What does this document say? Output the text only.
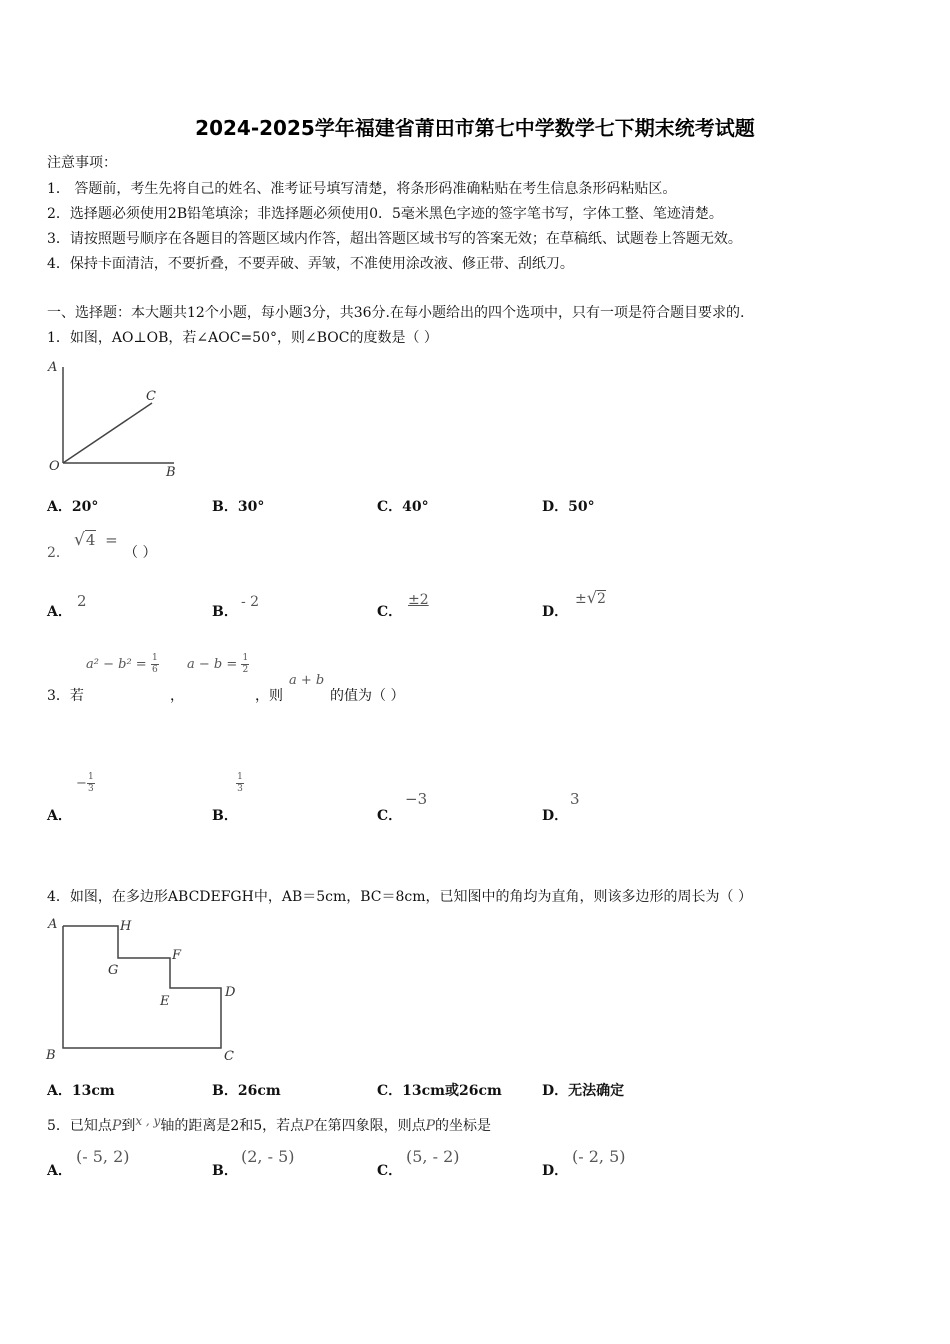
2024-2025学年福建省莆田市第七中学数学七下期末统考试题
注意事项：
1． 答题前，考生先将自己的姓名、准考证号填写清楚，将条形码准确粘贴在考生信息条形码粘贴区。
2．选择题必须使用2B铅笔填涂；非选择题必须使用0．5毫米黑色字迹的签字笔书写，字体工整、笔迹清楚。
3．请按照题号顺序在各题目的答题区域内作答，超出答题区域书写的答案无效；在草稿纸、试题卷上答题无效。
4．保持卡面清洁，不要折叠，不要弄破、弄皱，不准使用涂改液、修正带、刮纸刀。
一、选择题：本大题共12个小题，每小题3分，共36分.在每小题给出的四个选项中，只有一项是符合题目要求的.
1．如图，AO⊥OB，若∠AOC=50°，则∠BOC的度数是（ ）
A
C
O	B
A．20°	B．30°	C．40°	D．50°
2．
√4 =
（ ）
A．
2
B．
- 2
C．
±2
D．
±√2
$a^2 - b^2 = \frac{1}{6}$ $a - b = \frac{1}{2}$
3．若	，	，则
a + b
的值为（ ）
A．
− $\frac{1}{3}$
B．
$\frac{1}{3}$
C．
−3
D．
3
4．如图，在多边形ABCDEFGH中，AB＝5cm，BC＝8cm，已知图中的角均为直角，则该多边形的周长为（ ）
A	H
G
F
E
D
B	C
A．13cm	B．26cm	C．13cm或26cm	D．无法确定
5．已知点P到x , y轴的距离是2和5，若点P在第四象限，则点P的坐标是
A．
(- 5, 2)
B．
(2, - 5)
C．
(5, - 2)
D．
(- 2, 5)
